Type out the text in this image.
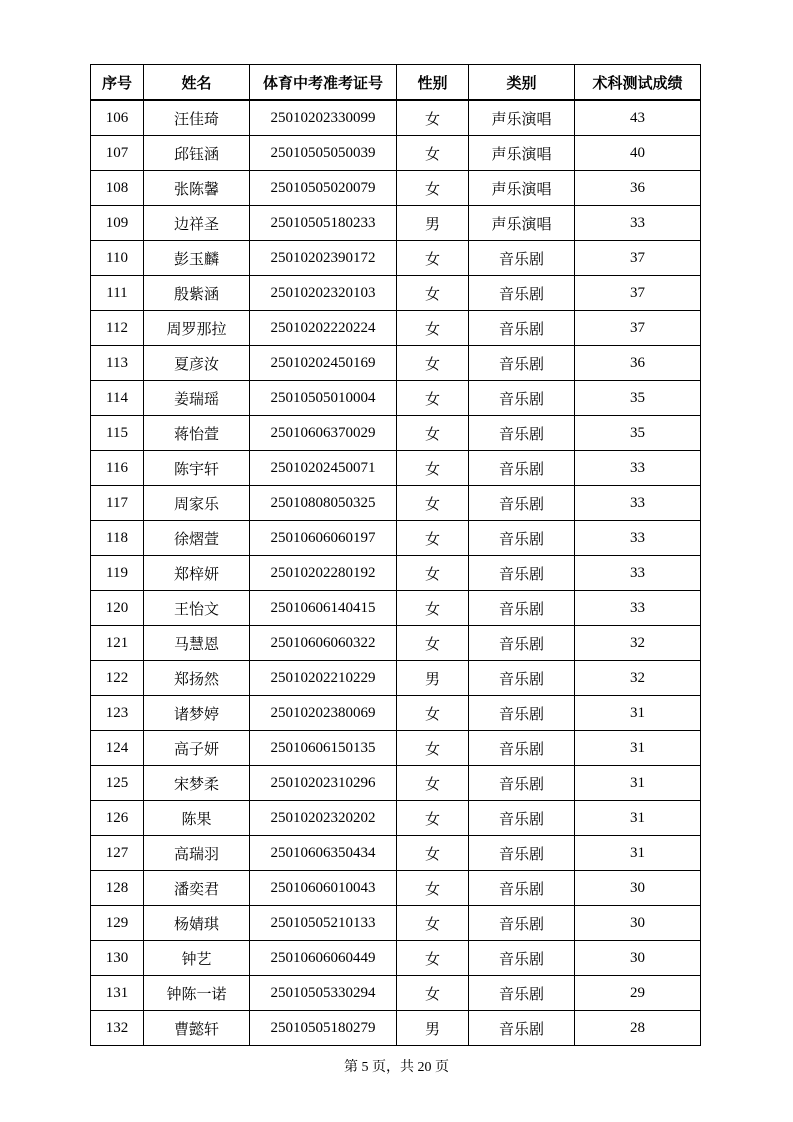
序号	姓名	体育中考准考证号	性别	类别	术科测试成绩
106	汪佳琦	25010202330099	女	声乐演唱	43
107	邱钰涵	25010505050039	女	声乐演唱	40
108	张陈馨	25010505020079	女	声乐演唱	36
109	边祥圣	25010505180233	男	声乐演唱	33
110	彭玉麟	25010202390172	女	音乐剧	37
111	殷紫涵	25010202320103	女	音乐剧	37
112	周罗那拉	25010202220224	女	音乐剧	37
113	夏彦汝	25010202450169	女	音乐剧	36
114	姜瑞瑶	25010505010004	女	音乐剧	35
115	蒋怡萱	25010606370029	女	音乐剧	35
116	陈宇轩	25010202450071	女	音乐剧	33
117	周家乐	25010808050325	女	音乐剧	33
118	徐熠萱	25010606060197	女	音乐剧	33
119	郑梓妍	25010202280192	女	音乐剧	33
120	王怡文	25010606140415	女	音乐剧	33
121	马慧恩	25010606060322	女	音乐剧	32
122	郑扬然	25010202210229	男	音乐剧	32
123	诸梦婷	25010202380069	女	音乐剧	31
124	高子妍	25010606150135	女	音乐剧	31
125	宋梦柔	25010202310296	女	音乐剧	31
126	陈果	25010202320202	女	音乐剧	31
127	高瑞羽	25010606350434	女	音乐剧	31
128	潘奕君	25010606010043	女	音乐剧	30
129	杨婧琪	25010505210133	女	音乐剧	30
130	钟艺	25010606060449	女	音乐剧	30
131	钟陈一诺	25010505330294	女	音乐剧	29
132	曹懿轩	25010505180279	男	音乐剧	28
第 5 页，共 20 页
